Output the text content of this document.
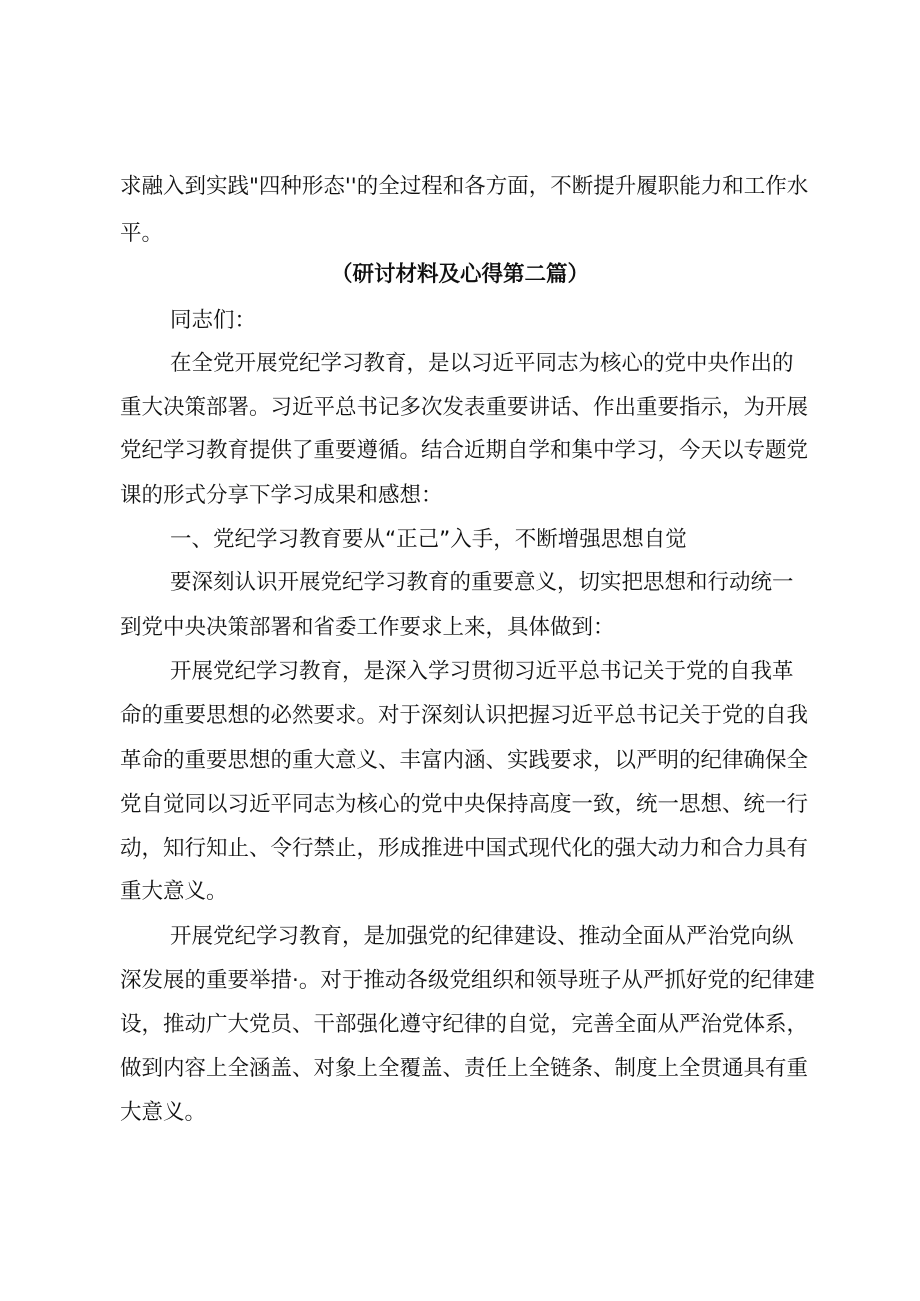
求融入到实践"四种形态''的全过程和各方面，不断提升履职能力和工作水
平。
（研讨材料及心得第二篇）
同志们：
在全党开展党纪学习教育，是以习近平同志为核心的党中央作出的
重大决策部署。习近平总书记多次发表重要讲话、作出重要指示，为开展
党纪学习教育提供了重要遵循。结合近期自学和集中学习，今天以专题党
课的形式分享下学习成果和感想：
一、党纪学习教育要从“正己”入手，不断增强思想自觉
要深刻认识开展党纪学习教育的重要意义，切实把思想和行动统一
到党中央决策部署和省委工作要求上来，具体做到：
开展党纪学习教育，是深入学习贯彻习近平总书记关于党的自我革
命的重要思想的必然要求。对于深刻认识把握习近平总书记关于党的自我
革命的重要思想的重大意义、丰富内涵、实践要求，以严明的纪律确保全
党自觉同以习近平同志为核心的党中央保持高度一致，统一思想、统一行
动，知行知止、令行禁止，形成推进中国式现代化的强大动力和合力具有
重大意义。
开展党纪学习教育，是加强党的纪律建设、推动全面从严治党向纵
深发展的重要举措·。对于推动各级党组织和领导班子从严抓好党的纪律建
设，推动广大党员、干部强化遵守纪律的自觉，完善全面从严治党体系，
做到内容上全涵盖、对象上全覆盖、责任上全链条、制度上全贯通具有重
大意义。
